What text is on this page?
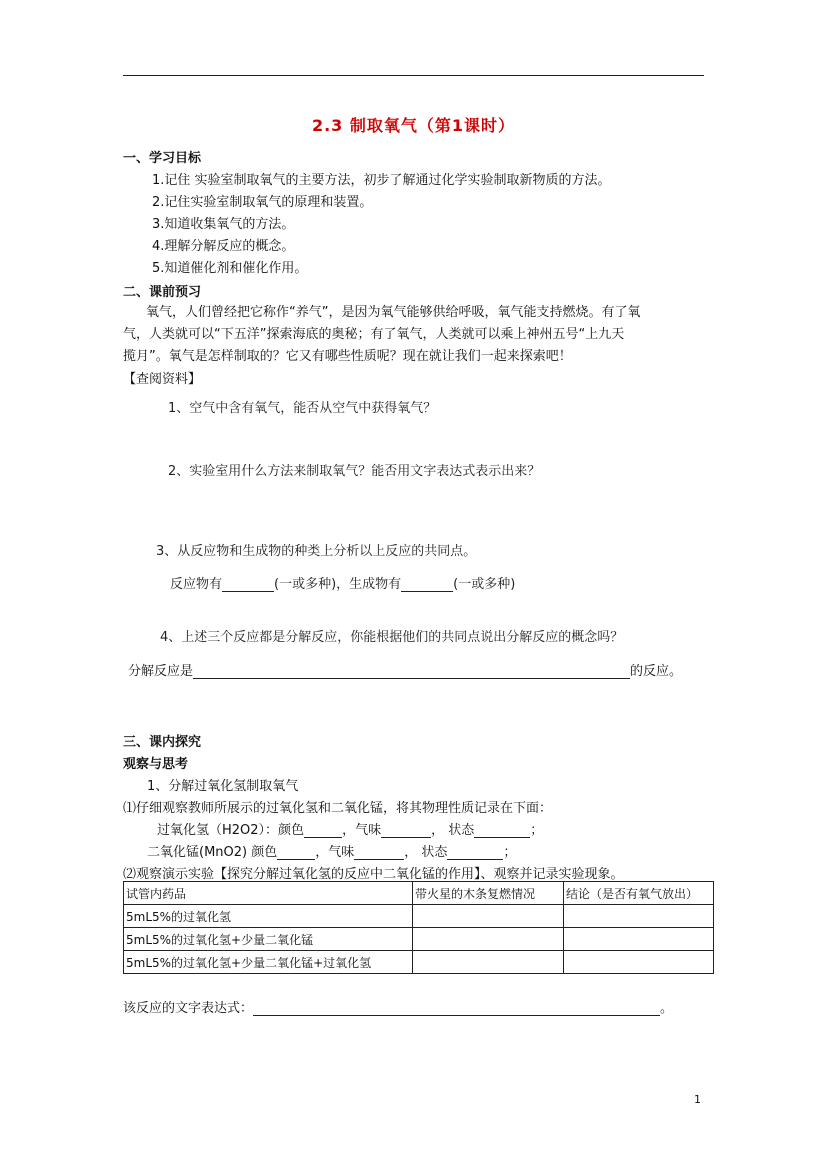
2.3 制取氧气（第1课时）
一、学习目标
1.记住 实验室制取氧气的主要方法，初步了解通过化学实验制取新物质的方法。
2.记住实验室制取氧气的原理和装置。
3.知道收集氧气的方法。
4.理解分解反应的概念。
5.知道催化剂和催化作用。
二、课前预习
氧气，人们曾经把它称作“养气”，是因为氧气能够供给呼吸，氧气能支持燃烧。有了氧
气，人类就可以“下五洋”探索海底的奥秘；有了氧气，人类就可以乘上神州五号“上九天
揽月”。氧气是怎样制取的？它又有哪些性质呢？现在就让我们一起来探索吧！
【查阅资料】
1、空气中含有氧气，能否从空气中获得氧气？
2、实验室用什么方法来制取氧气？能否用文字表达式表示出来？
3、从反应物和生成物的种类上分析以上反应的共同点。
反应物有	(一或多种)，生成物有	(一或多种)
4、上述三个反应都是分解反应，你能根据他们的共同点说出分解反应的概念吗？
分解反应是	的反应。
三、课内探究
观察与思考
1、分解过氧化氢制取氧气
⑴仔细观察教师所展示的过氧化氢和二氧化锰，将其物理性质记录在下面：
过氧化氢（H2O2）：颜色	，气味	， 状态	；
二氧化锰(MnO2) 颜色	，气味	， 状态	；
⑵观察演示实验【探究分解过氧化氢的反应中二氧化锰的作用】、观察并记录实验现象。
试管内药品	带火星的木条复燃情况	结论（是否有氧气放出）
5mL5%的过氧化氢		
5mL5%的过氧化氢+少量二氧化锰		
5mL5%的过氧化氢+少量二氧化锰+过氧化氢		
该反应的文字表达式：	。
1
